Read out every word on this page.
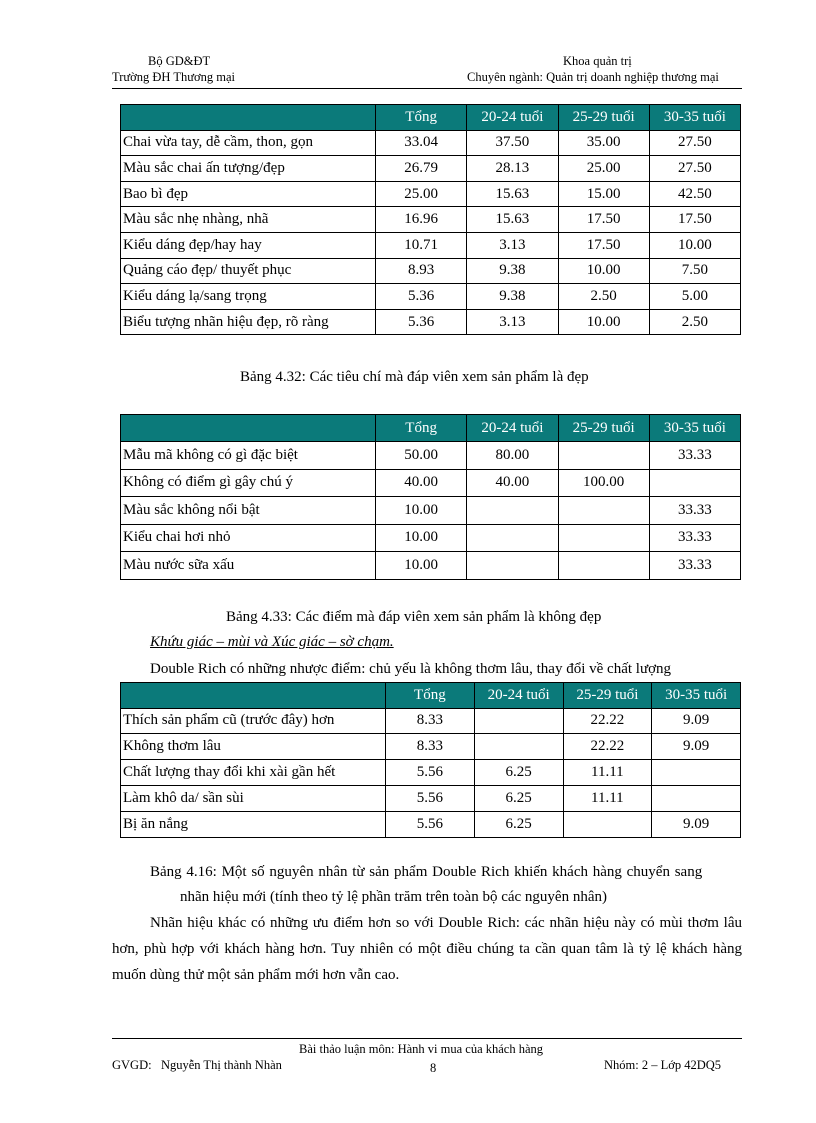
Bộ GD&ĐT
Trường ĐH Thương mại
Khoa quản trị
Chuyên ngành: Quản trị doanh nghiệp thương mại
	Tổng	20-24 tuổi	25-29 tuổi	30-35 tuổi
Chai vừa tay, dễ cầm, thon, gọn	33.04	37.50	35.00	27.50
Màu sắc chai ấn tượng/đẹp	26.79	28.13	25.00	27.50
Bao bì đẹp	25.00	15.63	15.00	42.50
Màu sắc nhẹ nhàng, nhã	16.96	15.63	17.50	17.50
Kiểu dáng đẹp/hay hay	10.71	3.13	17.50	10.00
Quảng cáo đẹp/ thuyết phục	8.93	9.38	10.00	7.50
Kiểu dáng lạ/sang trọng	5.36	9.38	2.50	5.00
Biểu tượng nhãn hiệu đẹp, rõ ràng	5.36	3.13	10.00	2.50
Bảng 4.32: Các tiêu chí mà đáp viên xem sản phẩm là đẹp
	Tổng	20-24 tuổi	25-29 tuổi	30-35 tuổi
Mẫu mã không có gì đặc biệt	50.00	80.00		33.33
Không có điểm gì gây chú ý	40.00	40.00	100.00	
Màu sắc không nổi bật	10.00			33.33
Kiểu chai hơi nhỏ	10.00			33.33
Màu nước sữa xấu	10.00			33.33
Bảng 4.33: Các điểm mà đáp viên xem sản phẩm là không đẹp
Khứu giác – mùi và Xúc giác – sờ chạm.
Double Rich có những nhược điểm: chủ yếu là không thơm lâu, thay đổi về chất lượng
	Tổng	20-24 tuổi	25-29 tuổi	30-35 tuổi
Thích sản phẩm cũ (trước đây) hơn	8.33		22.22	9.09
Không thơm lâu	8.33		22.22	9.09
Chất lượng thay đổi khi xài gần hết	5.56	6.25	11.11	
Làm khô da/ sần sùi	5.56	6.25	11.11	
Bị ăn nắng	5.56	6.25		9.09
Bảng 4.16: Một số nguyên nhân từ sản phẩm Double Rich khiến khách hàng chuyển sang
nhãn hiệu mới (tính theo tỷ lệ phần trăm trên toàn bộ các nguyên nhân)
Nhãn hiệu khác có những ưu điểm hơn so với Double Rich: các nhãn hiệu này có mùi thơm lâu hơn, phù hợp với khách hàng hơn. Tuy nhiên có một điều chúng ta cần quan tâm là tỷ lệ khách hàng muốn dùng thử một sản phẩm mới hơn vẫn cao.
Bài thảo luận môn: Hành vi mua của khách hàng
GVGD:   Nguyễn Thị thành Nhàn	8	Nhóm: 2 – Lớp 42DQ5
